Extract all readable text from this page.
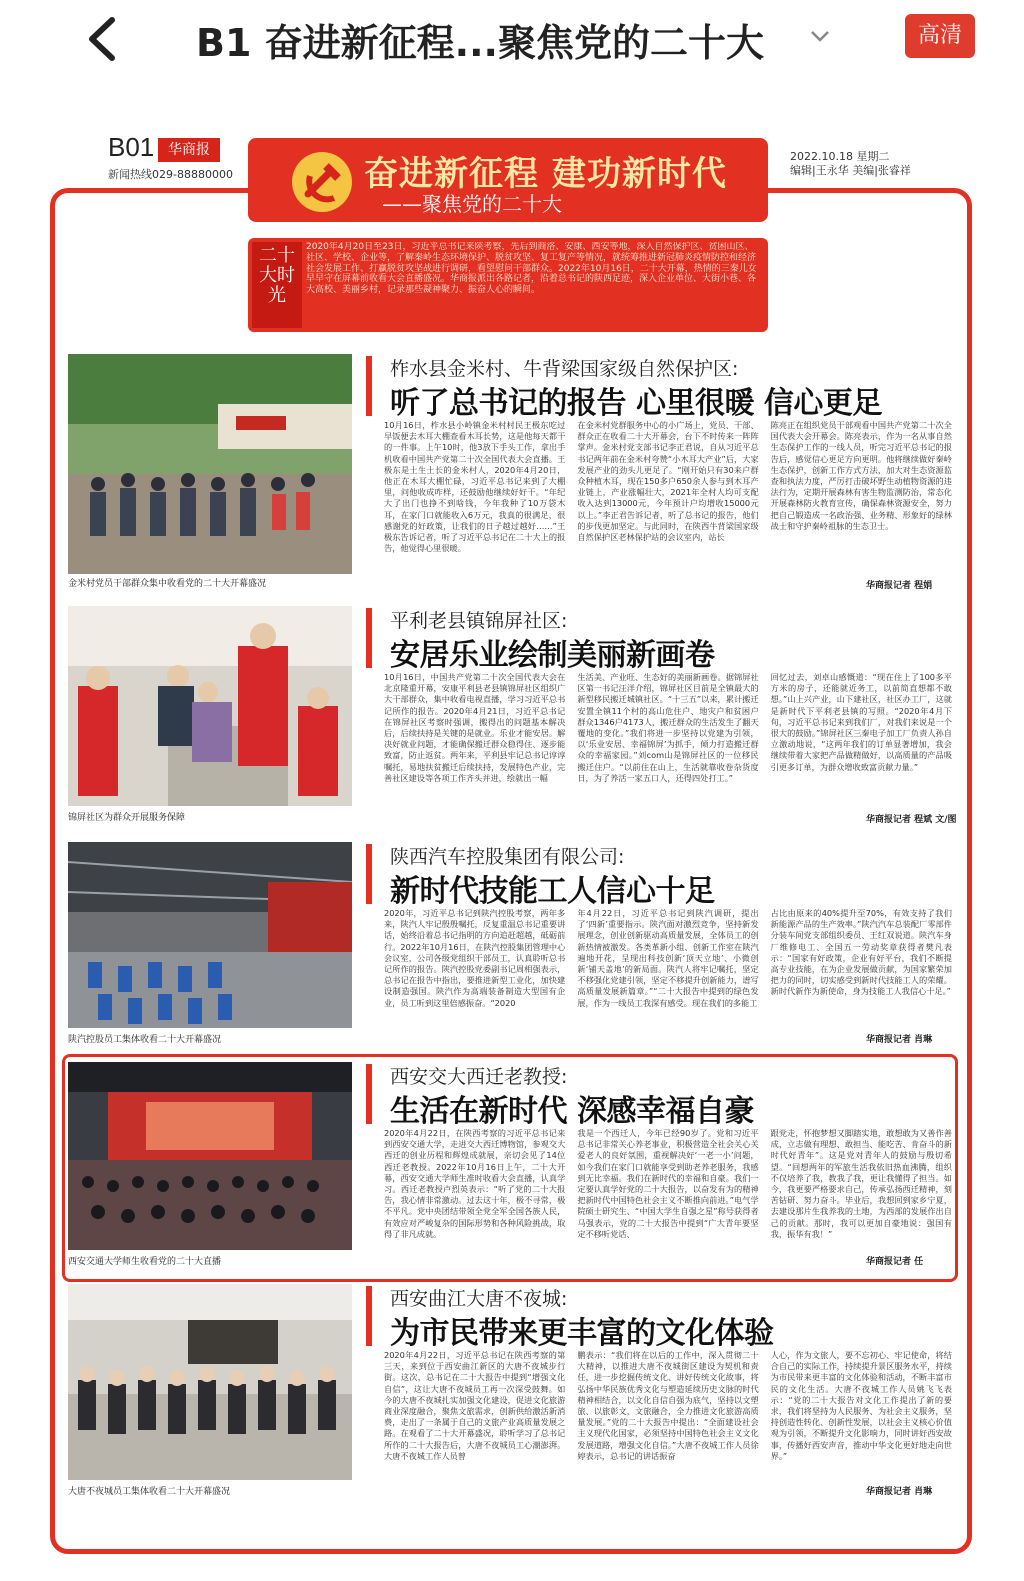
B1 奋进新征程...聚焦党的二十大	高清
B01 华商报
新闻热线029-88880000
2022.10.18 星期二
编辑|王永华 美编|张睿祥
奋进新征程 建功新时代
——聚焦党的二十大
二十大时光
2020年4月20日至23日，习近平总书记来陕考察，先后到商洛、安康、西安等地，深入自然保护区、贫困山区、社区、学校、企业等，了解秦岭生态环境保护、脱贫攻坚、复工复产等情况，就统筹推进新冠肺炎疫情防控和经济社会发展工作、打赢脱贫攻坚战进行调研，看望慰问干部群众。2022年10月16日，二十大开幕，热情的三秦儿女早早守在屏幕前收看大会直播盛况。华商报派出各路记者，沿着总书记的陕西足迹，深入企业单位、大街小巷、各大高校、美丽乡村，记录那些凝神聚力、振奋人心的瞬间。
金米村党员干部群众集中收看党的二十大开幕盛况
柞水县金米村、牛背梁国家级自然保护区:
听了总书记的报告 心里很暖 信心更足
10月16日，柞水县小岭镇金米村村民王极东吃过早饭便去木耳大棚查看木耳长势，这是他每天都干的一件事。上午10时，他3放下手头工作，拿出手机收看中国共产党第二十次全国代表大会直播。王极东是土生土长的金米村人，2020年4月20日，他正在木耳大棚忙碌，习近平总书记来到了大棚里，问他收成咋样，还鼓励他继续好好干。“年纪大了出门也挣不到啥钱，今年我种了10万袋木耳，在家门口就能收入6万元，我真的很满足，很感谢党的好政策，让我们的日子越过越好……”王极东告诉记者，听了习近平总书记在二十大上的报告，他觉得心里很暖。
在金米村党群服务中心的小广场上，党员、干部、群众正在收看二十大开幕会，台下不时传来一阵阵掌声。金米村党支部书记李正君说，自从习近平总书记两年前在金米村夸赞“小木耳大产业”后，大家发展产业的劲头儿更足了。“刚开始只有30来户群众种植木耳，现在150多户650余人参与到木耳产业链上，产业涨幅壮大，2021年全村人均可支配收入达到13000元，今年预计户均增收15000元以上。”李正君告诉记者，听了总书记的报告，他们的步伐更加坚定。与此同时，在陕西牛背梁国家级自然保护区老林保护站的会议室内，站长
陈亮正在组织党员干部观看中国共产党第二十次全国代表大会开幕会。陈亮表示，作为一名从事自然生态保护工作的一线人员，听完习近平总书记的报告后，感觉信心更足方向更明。他将继续做好秦岭生态保护，创新工作方式方法，加大对生态资源监查和执法力度，严厉打击破坏野生动植物资源的违法行为，定期开展森林有害生物监测防治，常态化开展森林防火教育宣传，确保森林资源安全，努力把自己锻造成一名政治强、业务精、形象好的绿林战士和守护秦岭祖脉的生态卫士。
华商报记者 程娟
锦屏社区为群众开展服务保障
平利老县镇锦屏社区:
安居乐业绘制美丽新画卷
10月16日，中国共产党第二十次全国代表大会在北京隆重开幕，安康平利县老县镇锦屏社区组织广大干部群众，集中收看电视直播，学习习近平总书记所作的报告。2020年4月21日，习近平总书记在锦屏社区考察时强调，搬得出的问题基本解决后，后续扶持是关键的是就业。乐业才能安居。解决好就业问题，才能确保搬迁群众稳得住、逐步能致富，防止返贫。两年来，平利县牢记总书记谆谆嘱托，易地扶贫搬迁后续扶持，发展特色产业，完善社区建设等各项工作齐头并进，绘就出一幅
生活美、产业旺、生态好的美丽新画卷。据锦屏社区第一书记汪洋介绍，锦屏社区目前是全镇最大的新型移民搬迁城镇社区。“十三五”以来，累计搬迁安置全镇11个村的高山危住户、地灾户和贫困户群众1346户4173人，搬迁群众的生活发生了翻天覆地的变化。”我们将进一步坚持以党建为引领，以‘乐业安居、幸福锦屏’为抓手，倾力打造搬迁群众的幸福家园。”刘com山是锦屏社区的一位移民搬迁住户。“以前住在山上，生活就靠收卷杂货度日，为了养活一家五口人，还得四处打工。”
回忆过去，刘卓山感慨道：“现在住上了100多平方米的房子，还能就近务工，以前简直想都不敢想。”山上兴产业，山下建社区，社区办工厂，这就是新时代下平利老县镇的写照。“2020年4月下旬，习近平总书记来到我们厂，对我们来说是一个很大的鼓励。”锦屏社区三秦电子加工厂负责人孙自立激动地说，“这两年我们的订单显著增加，我会继续带着大家把产品做精做好，以高质量的产品吸引更多订单，为群众增收致富贡献力量。”
华商报记者 程斌 文/图
陕汽控股员工集体收看二十大开幕盛况
陕西汽车控股集团有限公司:
新时代技能工人信心十足
2020年，习近平总书记到陕汽控股考察，两年多来，陕汽人牢记殷殷嘱托，反复重温总书记重要讲话，始终沿着总书记指明的方向追赶超越，砥砺前行。2022年10月16日，在陕汽控股集团管理中心会议室，公司各级党组织干部员工，认真聆听总书记所作的报告。陕汽控股党委副书记周相强表示，总书记在报告中指出，要推进新型工业化，加快建设制造强国。陕汽作为高端装备制造大型国有企业，员工听到这里倍感振奋。“2020
年4月22日，习近平总书记到陕汽调研，提出了‘四新’重要指示。陕汽面对激烈竞争，坚持新发展理念，创业创新驱动高质量发展，全体员工的创新热情被激发。各类革新小组、创新工作室在陕汽遍地开花，呈现出科技创新‘顶天立地’、小微创新‘铺天盖地’的新局面。陕汽人将牢记嘱托，坚定不移强化党建引领，坚定不移提升创新能力，谱写高质量发展新篇章。”“二十大报告中提到的绿色发展，作为一线员工我深有感受。现在我们的多能工
占比由原来的40%提升至70%，有效支持了我们新能源产品的生产效率。”陕汽汽车总装配厂零部件分装车间党支部组织委员、王红双说道。陕汽车身厂维修电工、全国五一劳动奖章获得者樊凡表示：“国家有好政策，企业有好平台，我们不断提高专业技能，在为企业发展做贡献，为国家繁荣加把力的同时，切实感受到新时代技能工人的荣耀。新时代新作为新使命，身为技能工人我信心十足。”
华商报记者 肖琳
西安交通大学师生收看党的二十大直播
西安交大西迁老教授:
生活在新时代 深感幸福自豪
2020年4月22日，在陕西考察的习近平总书记来到西安交通大学，走进交大西迁博物馆，参观交大西迁的创业历程和辉煌成就展，亲切会见了14位西迁老教授。2022年10月16日上午，二十大开幕，西安交通大学师生准时收看大会直播，认真学习。西迁老教授卢烈英表示：“听了党的二十大报告，我心情非常激动。过去这十年，极不寻常，极不平凡。党中央团结带领全党全军全国各族人民，有效应对严峻复杂的国际形势和各种风险挑战，取得了非凡成就。
我是一个西迁人，今年已经90岁了。党和习近平总书记非常关心养老事业，积极营造全社会关心关爱老人的良好氛围，重视解决好‘一老一小’问题，如今我们在家门口就能享受到助老养老服务，我感到无比幸福。我们在新时代的幸福和自豪。我们一定要认真学好党的二十大报告，以奋发有为的精神把新时代中国特色社会主义不断推向前进。”电气学院硕士研究生、“中国大学生自强之星”称号获得者马强表示，党的二十大报告中提到“广大青年要坚定不移听党话、
跟党走，怀抱梦想又脚踏实地，敢想敢为又善作善成，立志做有理想、敢担当、能吃苦、肯奋斗的新时代好青年”。这是党对青年人的鼓励与殷切希望。“回想两年的军旅生活我依旧热血沸腾，组织不仅培养了我，教我了我，更让我懂得了担当。如今，我更要严格要求自己，传承弘扬西迁精神，刻苦钻研、努力奋斗。毕业后，我想回到家乡宁夏，去建设那片生我养我的土地，为西部的发展作出自己的贡献。那时，我可以更加自豪地说：强国有我，振华有我！”
华商报记者 任
大唐不夜城员工集体收看二十大开幕盛况
西安曲江大唐不夜城:
为市民带来更丰富的文化体验
2020年4月22日，习近平总书记在陕西考察的第三天，来到位于西安曲江新区的大唐不夜城步行街。这次，总书记在二十大报告中提到“增强文化自信”，这让大唐不夜城员工再一次深受鼓舞。如今的大唐不夜城扎实加强文化建设，促进文化旅游商业深度融合，聚焦文旅需求，创新供给激活新消费，走出了一条属于自己的文旅产业高质量发展之路。在观看了二十大开幕盛况，聆听学习了总书记所作的二十大报告后，大唐不夜城员工心潮澎湃。大唐不夜城工作人员曾
鹏表示：“我们将在以后的工作中，深入贯彻二十大精神，以推进大唐不夜城街区建设为契机和责任，进一步挖掘传统文化、讲好传统文化故事，将弘扬中华民族优秀文化与塑造延续历史文脉的时代精神相结合，以文化自信自强为底气，坚持以文塑旅、以旅彰文，文旅融合，全力推进文化旅游高质量发展。”党的二十大报告中提出：“全面建设社会主义现代化国家，必须坚持中国特色社会主义文化发展道路，增强文化自信。”大唐不夜城工作人员徐婷表示，总书记的讲话振奋
人心，作为文旅人，要不忘初心、牢记使命，将结合自己的实际工作，持续提升景区服务水平，持续为市民带来更丰富的文化体验和活动，不断丰富市民的文化生活。大唐不夜城工作人员姚飞飞表示：“党的二十大报告对文化工作提出了新的要求，我们将坚持为人民服务、为社会主义服务，坚持创造性转化、创新性发展，以社会主义核心价值观为引领，不断提升文化影响力，同时讲好西安故事，传播好西安声音，推动中华文化更好地走向世界。”
华商报记者 肖琳
